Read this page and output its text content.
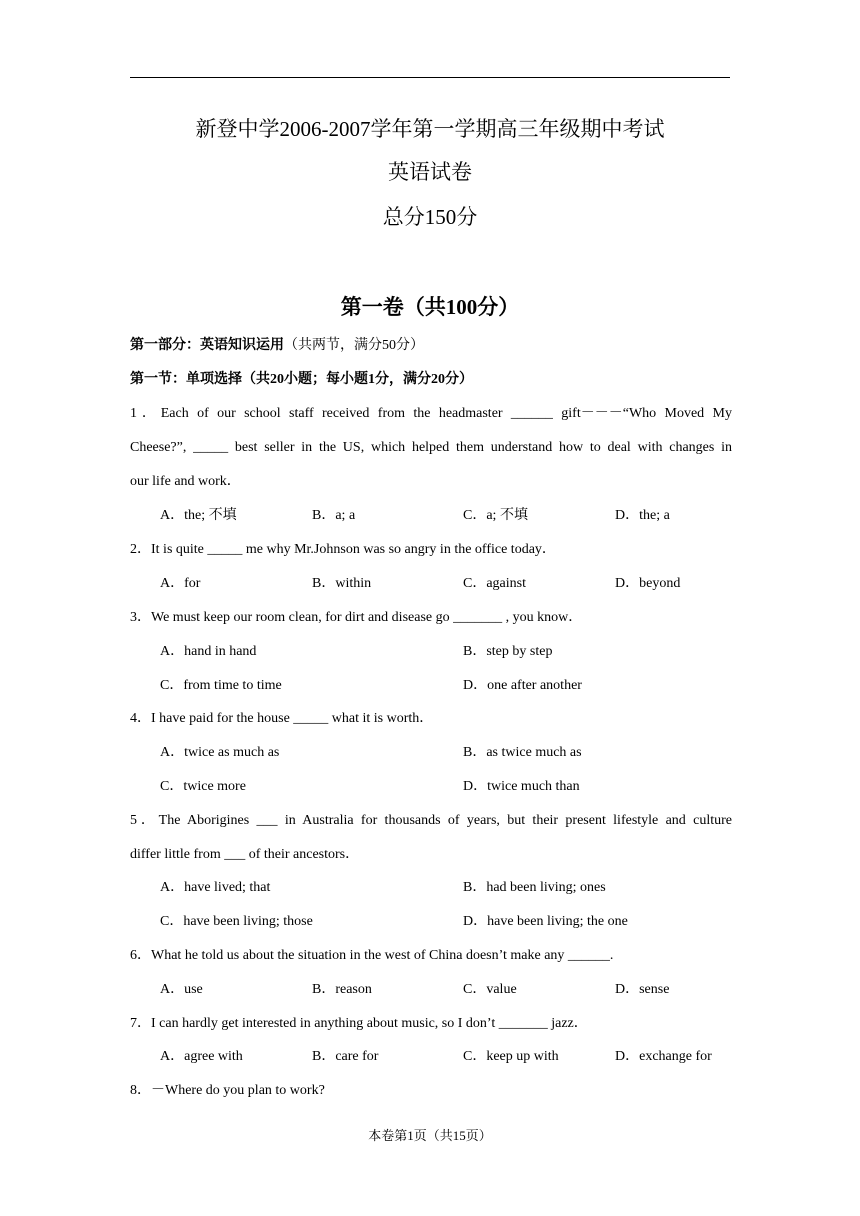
新登中学2006-2007学年第一学期高三年级期中考试
英语试卷
总分150分
第一卷（共100分）
第一部分：英语知识运用（共两节，满分50分）
第一节：单项选择（共20小题；每小题1分，满分20分）
1．Each of our school staff received from the headmaster ______ gift－－－“Who Moved My
Cheese?”, _____ best seller in the US, which helped them understand how to deal with changes in
our life and work．
A．the; 不填	B．a; a	C．a; 不填	D．the; a
2．It is quite _____ me why Mr.Johnson was so angry in the office today．
A．for	B．within	C．against	D．beyond
3．We must keep our room clean, for dirt and disease go _______ , you know．
A．hand in hand	B．step by step
C．from time to time	D．one after another
4．I have paid for the house _____ what it is worth．
A．twice as much as	B．as twice much as
C．twice more	D．twice much than
5．The Aborigines ___ in Australia for thousands of years, but their present lifestyle and culture
differ little from ___ of their ancestors．
A．have lived; that	B．had been living; ones
C．have been living; those	D．have been living; the one
6．What he told us about the situation in the west of China doesn’t make any ______.
A．use	B．reason	C．value	D．sense
7．I can hardly get interested in anything about music, so I don’t _______ jazz．
A．agree with	B．care for	C．keep up with	D．exchange for
8．－Where do you plan to work?
本卷第1页（共15页）
